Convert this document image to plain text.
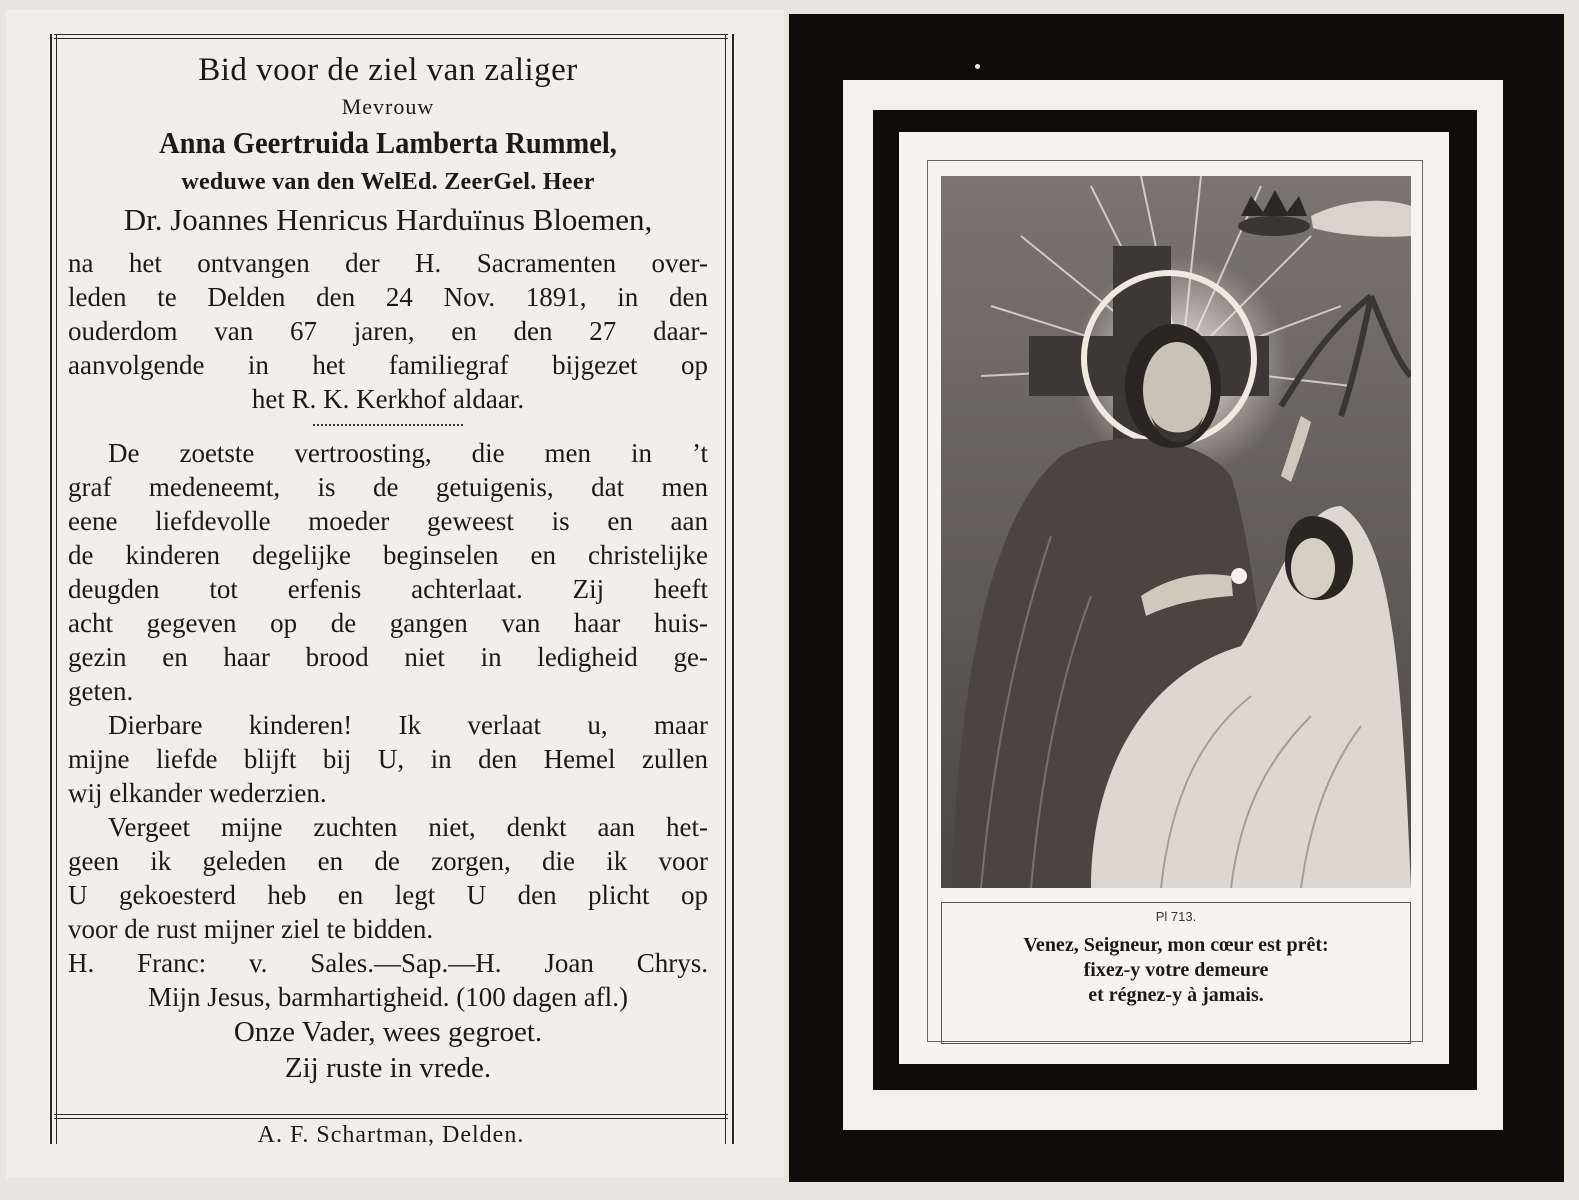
Bid voor de ziel van zaliger
Mevrouw
Anna Geertruida Lamberta Rummel,
weduwe van den WelEd. ZeerGel. Heer
Dr. Joannes Henricus Harduïnus Bloemen,
na het ontvangen der H. Sacramenten over-
leden te Delden den 24 Nov. 1891, in den
ouderdom van 67 jaren, en den 27 daar-
aanvolgende in het familiegraf bijgezet op
het R. K. Kerkhof aldaar.
De zoetste vertroosting, die men in ’t
graf medeneemt, is de getuigenis, dat men
eene liefdevolle moeder geweest is en aan
de kinderen degelijke beginselen en christelijke
deugden tot erfenis achterlaat. Zij heeft
acht gegeven op de gangen van haar huis-
gezin en haar brood niet in ledigheid ge-
geten.
Dierbare kinderen! Ik verlaat u, maar
mijne liefde blijft bij U, in den Hemel zullen
wij elkander wederzien.
Vergeet mijne zuchten niet, denkt aan het-
geen ik geleden en de zorgen, die ik voor
U gekoesterd heb en legt U den plicht op
voor de rust mijner ziel te bidden.
H. Franc: v. Sales.—Sap.—H. Joan Chrys.
Mijn Jesus, barmhartigheid. (100 dagen afl.)
Onze Vader, wees gegroet.
Zij ruste in vrede.
A. F. Schartman, Delden.
Pl 713.
Venez, Seigneur, mon cœur est prêt:
fixez-y votre demeure
et régnez-y à jamais.
